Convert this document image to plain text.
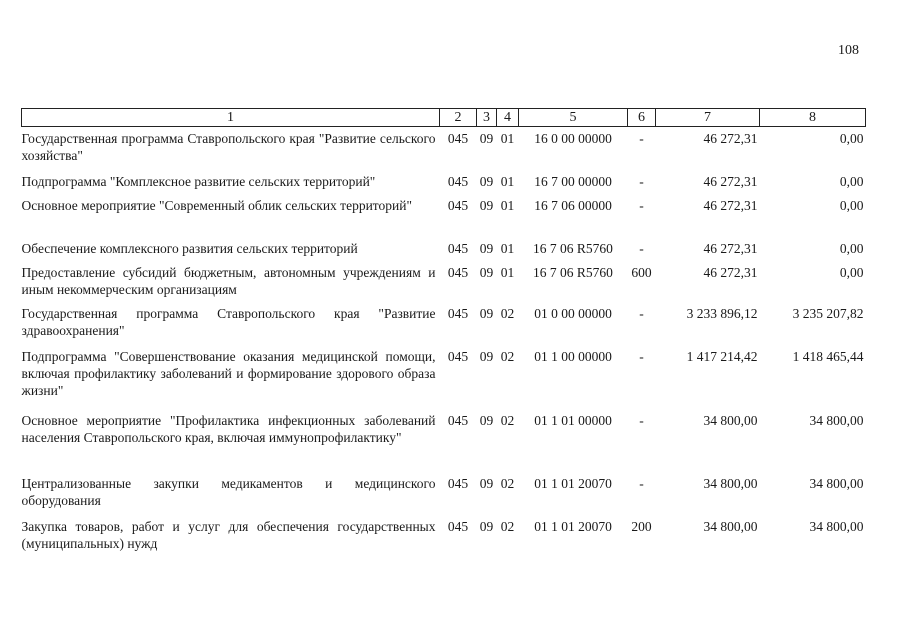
108
1	2	3	4	5	6	7	8
Государственная программа Ставропольского края "Развитие сельского хозяйства"	045	09	01	16 0 00 00000	-	46 272,31	0,00
Подпрограмма "Комплексное развитие сельских территорий"	045	09	01	16 7 00 00000	-	46 272,31	0,00
Основное мероприятие "Современный облик сельских территорий"	045	09	01	16 7 06 00000	-	46 272,31	0,00
Обеспечение комплексного развития сельских территорий	045	09	01	16 7 06 R5760	-	46 272,31	0,00
Предоставление субсидий бюджетным, автономным учреждениям и иным некоммерческим организациям	045	09	01	16 7 06 R5760	600	46 272,31	0,00
Государственная программа Ставропольского края "Развитие здравоохранения"	045	09	02	01 0 00 00000	-	3 233 896,12	3 235 207,82
Подпрограмма "Совершенствование оказания медицинской помощи, включая профилактику заболеваний и формирование здорового образа жизни"	045	09	02	01 1 00 00000	-	1 417 214,42	1 418 465,44
Основное мероприятие "Профилактика инфекционных заболеваний населения Ставропольского края, включая иммунопрофилактику"	045	09	02	01 1 01 00000	-	34 800,00	34 800,00
Централизованные закупки медикаментов и медицинского оборудования	045	09	02	01 1 01 20070	-	34 800,00	34 800,00
Закупка товаров, работ и услуг для обеспечения государственных (муниципальных) нужд	045	09	02	01 1 01 20070	200	34 800,00	34 800,00
